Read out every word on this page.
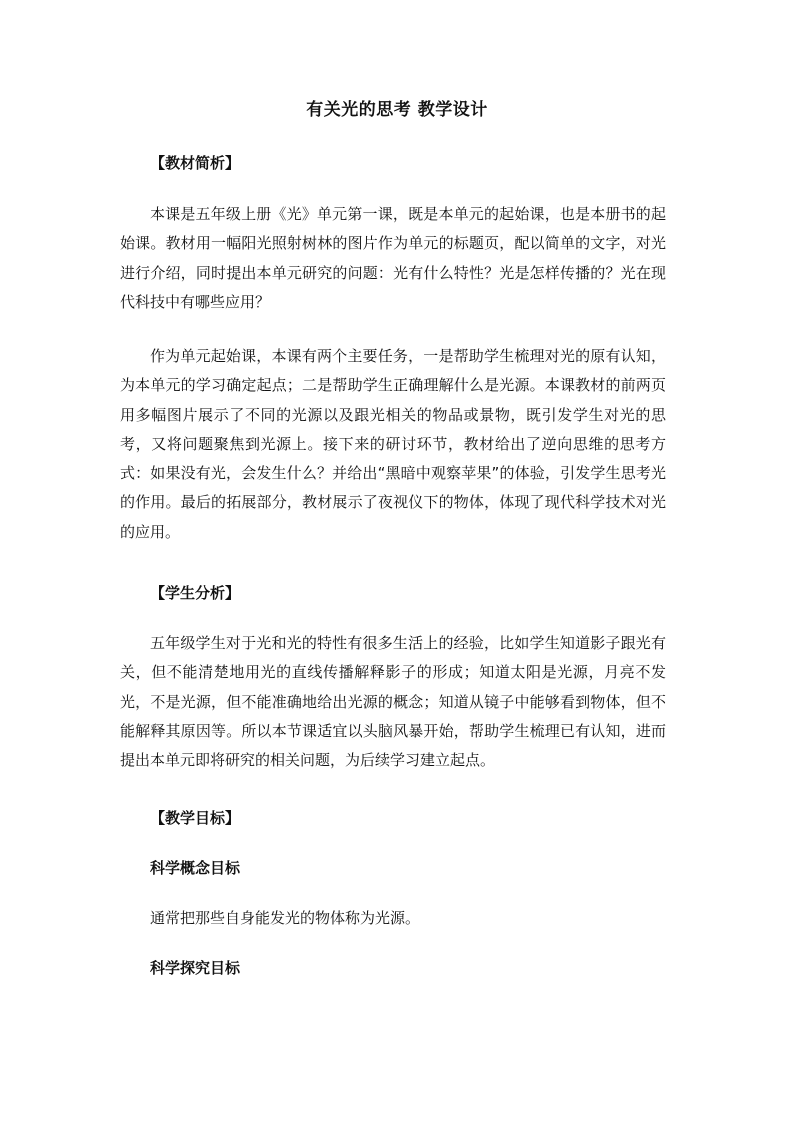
有关光的思考 教学设计
【教材简析】

本课是五年级上册《光》单元第一课，既是本单元的起始课，也是本册书的起始课。教材用一幅阳光照射树林的图片作为单元的标题页，配以简单的文字，对光进行介绍，同时提出本单元研究的问题：光有什么特性？光是怎样传播的？光在现代科技中有哪些应用？

作为单元起始课，本课有两个主要任务，一是帮助学生梳理对光的原有认知，为本单元的学习确定起点；二是帮助学生正确理解什么是光源。本课教材的前两页用多幅图片展示了不同的光源以及跟光相关的物品或景物，既引发学生对光的思考，又将问题聚焦到光源上。接下来的研讨环节，教材给出了逆向思维的思考方式：如果没有光，会发生什么？并给出“黑暗中观察苹果”的体验，引发学生思考光的作用。最后的拓展部分，教材展示了夜视仪下的物体，体现了现代科学技术对光的应用。

【学生分析】

五年级学生对于光和光的特性有很多生活上的经验，比如学生知道影子跟光有关，但不能清楚地用光的直线传播解释影子的形成；知道太阳是光源，月亮不发光，不是光源，但不能准确地给出光源的概念；知道从镜子中能够看到物体，但不能解释其原因等。所以本节课适宜以头脑风暴开始，帮助学生梳理已有认知，进而提出本单元即将研究的相关问题，为后续学习建立起点。

【教学目标】
科学概念目标
通常把那些自身能发光的物体称为光源。
科学探究目标
